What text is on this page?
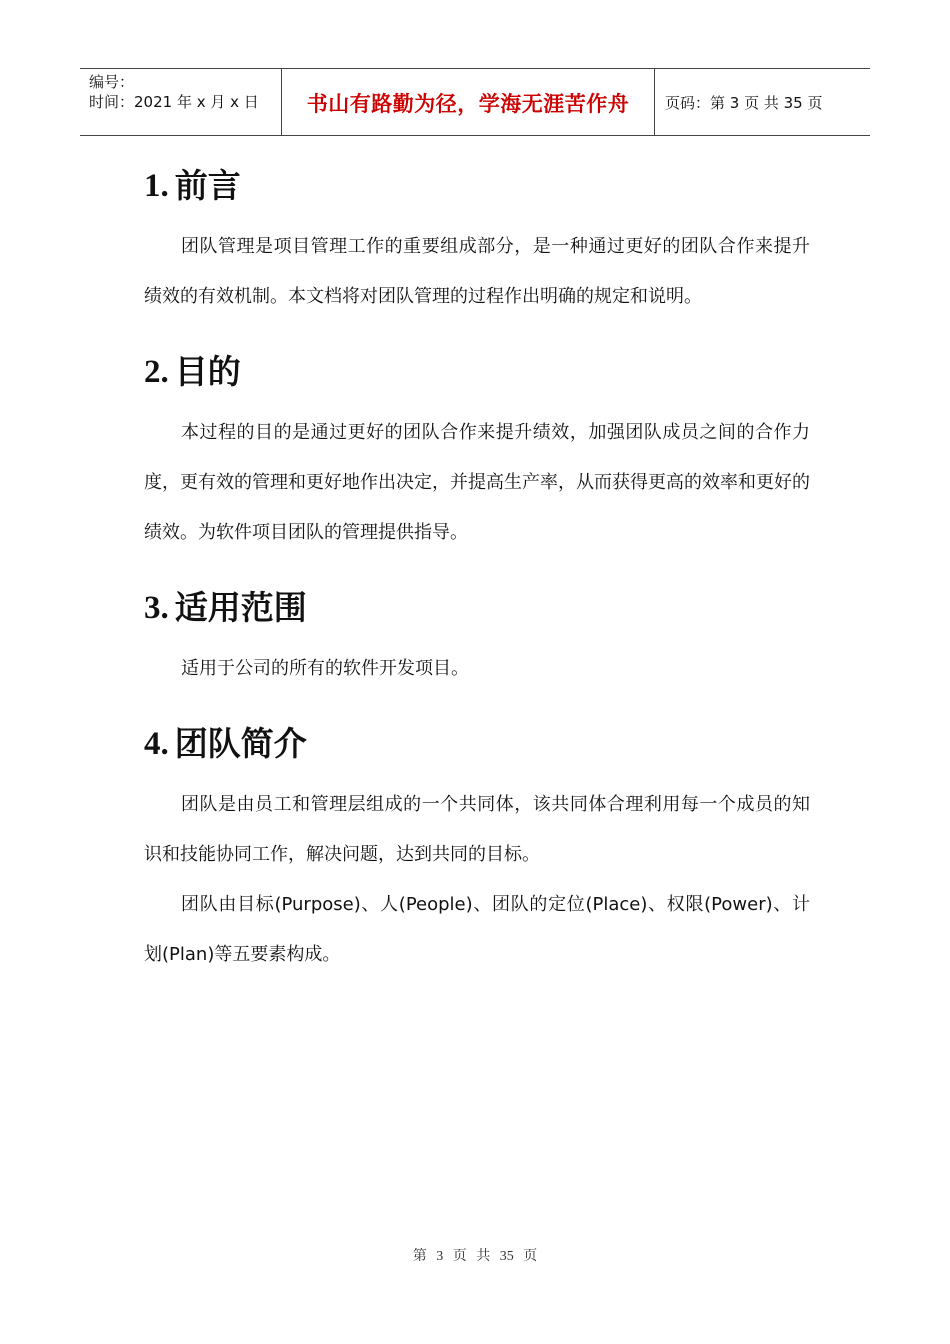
编号：
时间：2021 年 x 月 x 日	书山有路勤为径，学海无涯苦作舟 页码：第 3 页 共 35 页
1. 前言

团队管理是项目管理工作的重要组成部分，是一种通过更好的团队合作来提升绩效的有效机制。本文档将对团队管理的过程作出明确的规定和说明。

2. 目的

本过程的目的是通过更好的团队合作来提升绩效，加强团队成员之间的合作力度，更有效的管理和更好地作出决定，并提高生产率，从而获得更高的效率和更好的绩效。为软件项目团队的管理提供指导。

3. 适用范围

适用于公司的所有的软件开发项目。

4. 团队简介

团队是由员工和管理层组成的一个共同体，该共同体合理利用每一个成员的知识和技能协同工作，解决问题，达到共同的目标。

团队由目标(Purpose)、人(People)、团队的定位(Place)、权限(Power)、计划(Plan)等五要素构成。

第 3 页 共 35 页
